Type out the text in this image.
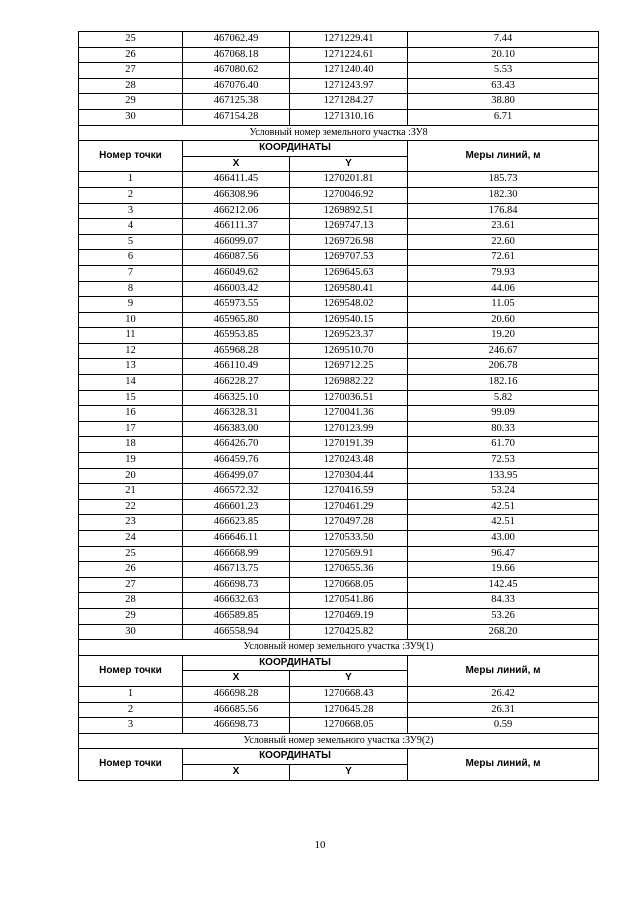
25	467062.49	1271229.41	7.44
26	467068.18	1271224.61	20.10
27	467080.62	1271240.40	5.53
28	467076.40	1271243.97	63.43
29	467125.38	1271284.27	38.80
30	467154.28	1271310.16	6.71
Условный номер земельного участка :ЗУ8			
Номер точки	КООРДИНАТЫ		Меры линий, м
	X	Y	
1	466411.45	1270201.81	185.73
2	466308.96	1270046.92	182.30
3	466212.06	1269892.51	176.84
4	466111.37	1269747.13	23.61
5	466099.07	1269726.98	22.60
6	466087.56	1269707.53	72.61
7	466049.62	1269645.63	79.93
8	466003.42	1269580.41	44.06
9	465973.55	1269548.02	11.05
10	465965.80	1269540.15	20.60
11	465953.85	1269523.37	19.20
12	465968.28	1269510.70	246.67
13	466110.49	1269712.25	206.78
14	466228.27	1269882.22	182.16
15	466325.10	1270036.51	5.82
16	466328.31	1270041.36	99.09
17	466383.00	1270123.99	80.33
18	466426.70	1270191.39	61.70
19	466459.76	1270243.48	72.53
20	466499.07	1270304.44	133.95
21	466572.32	1270416.59	53.24
22	466601.23	1270461.29	42.51
23	466623.85	1270497.28	42.51
24	466646.11	1270533.50	43.00
25	466668.99	1270569.91	96.47
26	466713.75	1270655.36	19.66
27	466698.73	1270668.05	142.45
28	466632.63	1270541.86	84.33
29	466589.85	1270469.19	53.26
30	466558.94	1270425.82	268.20
Условный номер земельного участка :ЗУ9(1)			
Номер точки	КООРДИНАТЫ		Меры линий, м
	X	Y	
1	466698.28	1270668.43	26.42
2	466685.56	1270645.28	26.31
3	466698.73	1270668.05	0.59
Условный номер земельного участка :ЗУ9(2)			
Номер точки	КООРДИНАТЫ		Меры линий, м
	X	Y	
10
